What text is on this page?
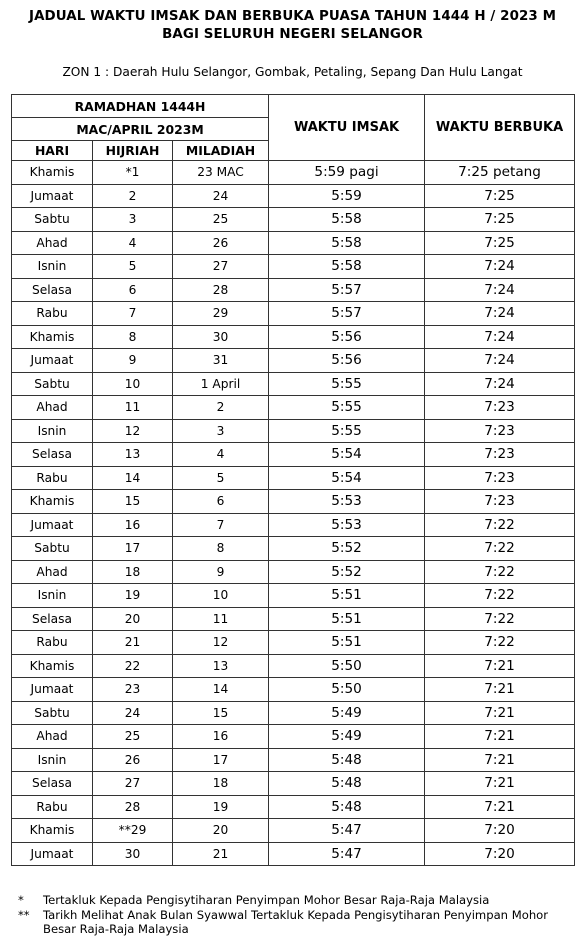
JADUAL WAKTU IMSAK DAN BERBUKA PUASA TAHUN 1444 H / 2023 M
BAGI SELURUH NEGERI SELANGOR
ZON 1 : Daerah Hulu Selangor, Gombak, Petaling, Sepang Dan Hulu Langat
RAMADHAN 1444H			WAKTU IMSAK	WAKTU BERBUKA
MAC/APRIL 2023M				
HARI	HIJRIAH	MILADIAH		
Khamis	*1	23 MAC	5:59 pagi	7:25 petang
Jumaat	2	24	5:59	7:25
Sabtu	3	25	5:58	7:25
Ahad	4	26	5:58	7:25
Isnin	5	27	5:58	7:24
Selasa	6	28	5:57	7:24
Rabu	7	29	5:57	7:24
Khamis	8	30	5:56	7:24
Jumaat	9	31	5:56	7:24
Sabtu	10	1 April	5:55	7:24
Ahad	11	2	5:55	7:23
Isnin	12	3	5:55	7:23
Selasa	13	4	5:54	7:23
Rabu	14	5	5:54	7:23
Khamis	15	6	5:53	7:23
Jumaat	16	7	5:53	7:22
Sabtu	17	8	5:52	7:22
Ahad	18	9	5:52	7:22
Isnin	19	10	5:51	7:22
Selasa	20	11	5:51	7:22
Rabu	21	12	5:51	7:22
Khamis	22	13	5:50	7:21
Jumaat	23	14	5:50	7:21
Sabtu	24	15	5:49	7:21
Ahad	25	16	5:49	7:21
Isnin	26	17	5:48	7:21
Selasa	27	18	5:48	7:21
Rabu	28	19	5:48	7:21
Khamis	**29	20	5:47	7:20
Jumaat	30	21	5:47	7:20
*	Tertakluk Kepada Pengisytiharan Penyimpan Mohor Besar Raja-Raja Malaysia
**	Tarikh Melihat Anak Bulan Syawwal Tertakluk Kepada Pengisytiharan Penyimpan Mohor Besar Raja-Raja Malaysia
